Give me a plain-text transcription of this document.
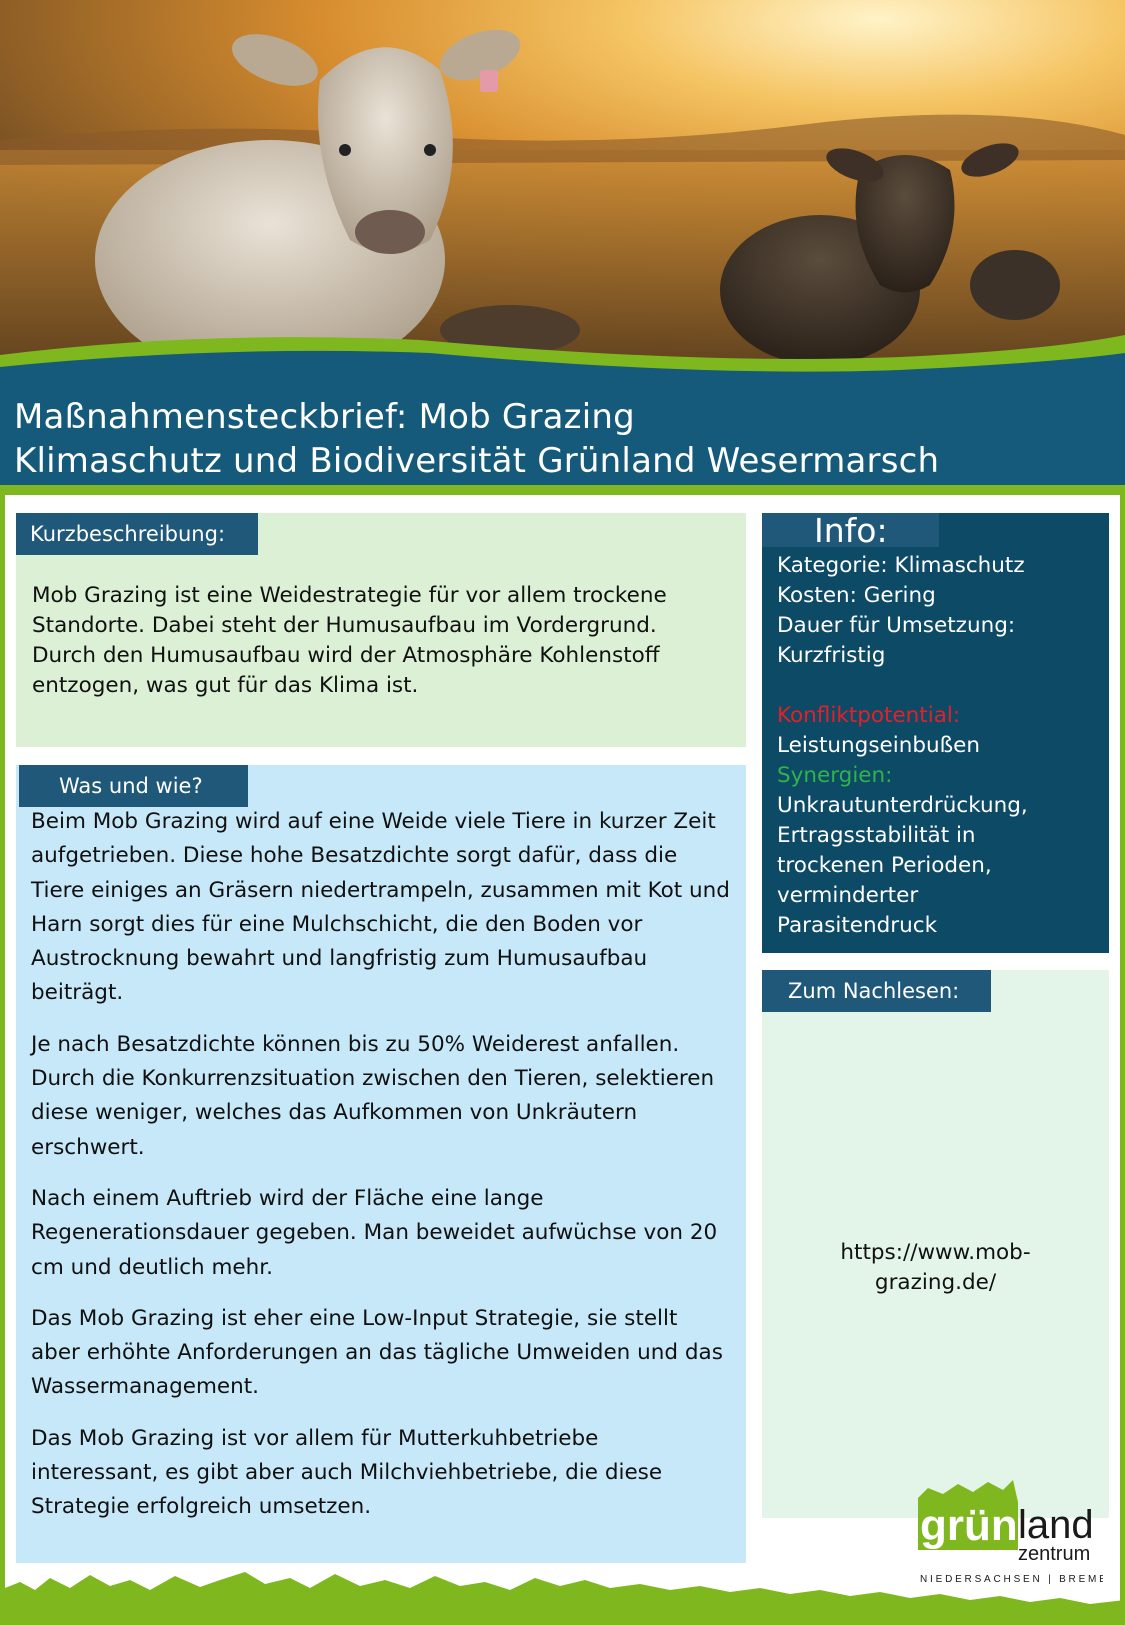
Maßnahmensteckbrief: Mob Grazing
Klimaschutz und Biodiversität Grünland Wesermarsch
Kurzbeschreibung:
Mob Grazing ist eine Weidestrategie für vor allem trockene Standorte. Dabei steht der Humusaufbau im Vordergrund. Durch den Humusaufbau wird der Atmosphäre Kohlenstoff entzogen, was gut für das Klima ist.
Was und wie?

Beim Mob Grazing wird auf eine Weide viele Tiere in kurzer Zeit aufgetrieben. Diese hohe Besatzdichte sorgt dafür, dass die Tiere einiges an Gräsern niedertrampeln, zusammen mit Kot und Harn sorgt dies für eine Mulchschicht, die den Boden vor Austrocknung bewahrt und langfristig zum Humusaufbau beiträgt.

Je nach Besatzdichte können bis zu 50% Weiderest anfallen. Durch die Konkurrenzsituation zwischen den Tieren, selektieren diese weniger, welches das Aufkommen von Unkräutern erschwert.

Nach einem Auftrieb wird der Fläche eine lange Regenerationsdauer gegeben. Man beweidet aufwüchse von 20 cm und deutlich mehr.

Das Mob Grazing ist eher eine Low-Input Strategie, sie stellt aber erhöhte Anforderungen an das tägliche Umweiden und das Wassermanagement.

Das Mob Grazing ist vor allem für Mutterkuhbetriebe interessant, es gibt aber auch Milchviehbetriebe, die diese Strategie erfolgreich umsetzen.

Info:
Kategorie: Klimaschutz
Kosten: Gering
Dauer für Umsetzung:
Kurzfristig
Konfliktpotential:
Leistungseinbußen
Synergien:
Unkrautunterdrückung,
Ertragsstabilität in
trockenen Perioden,
verminderter
Parasitendruck
Zum Nachlesen:
https://www.mob-
grazing.de/
grün land
zentrum
NIEDERSACHSEN | BREMEN
